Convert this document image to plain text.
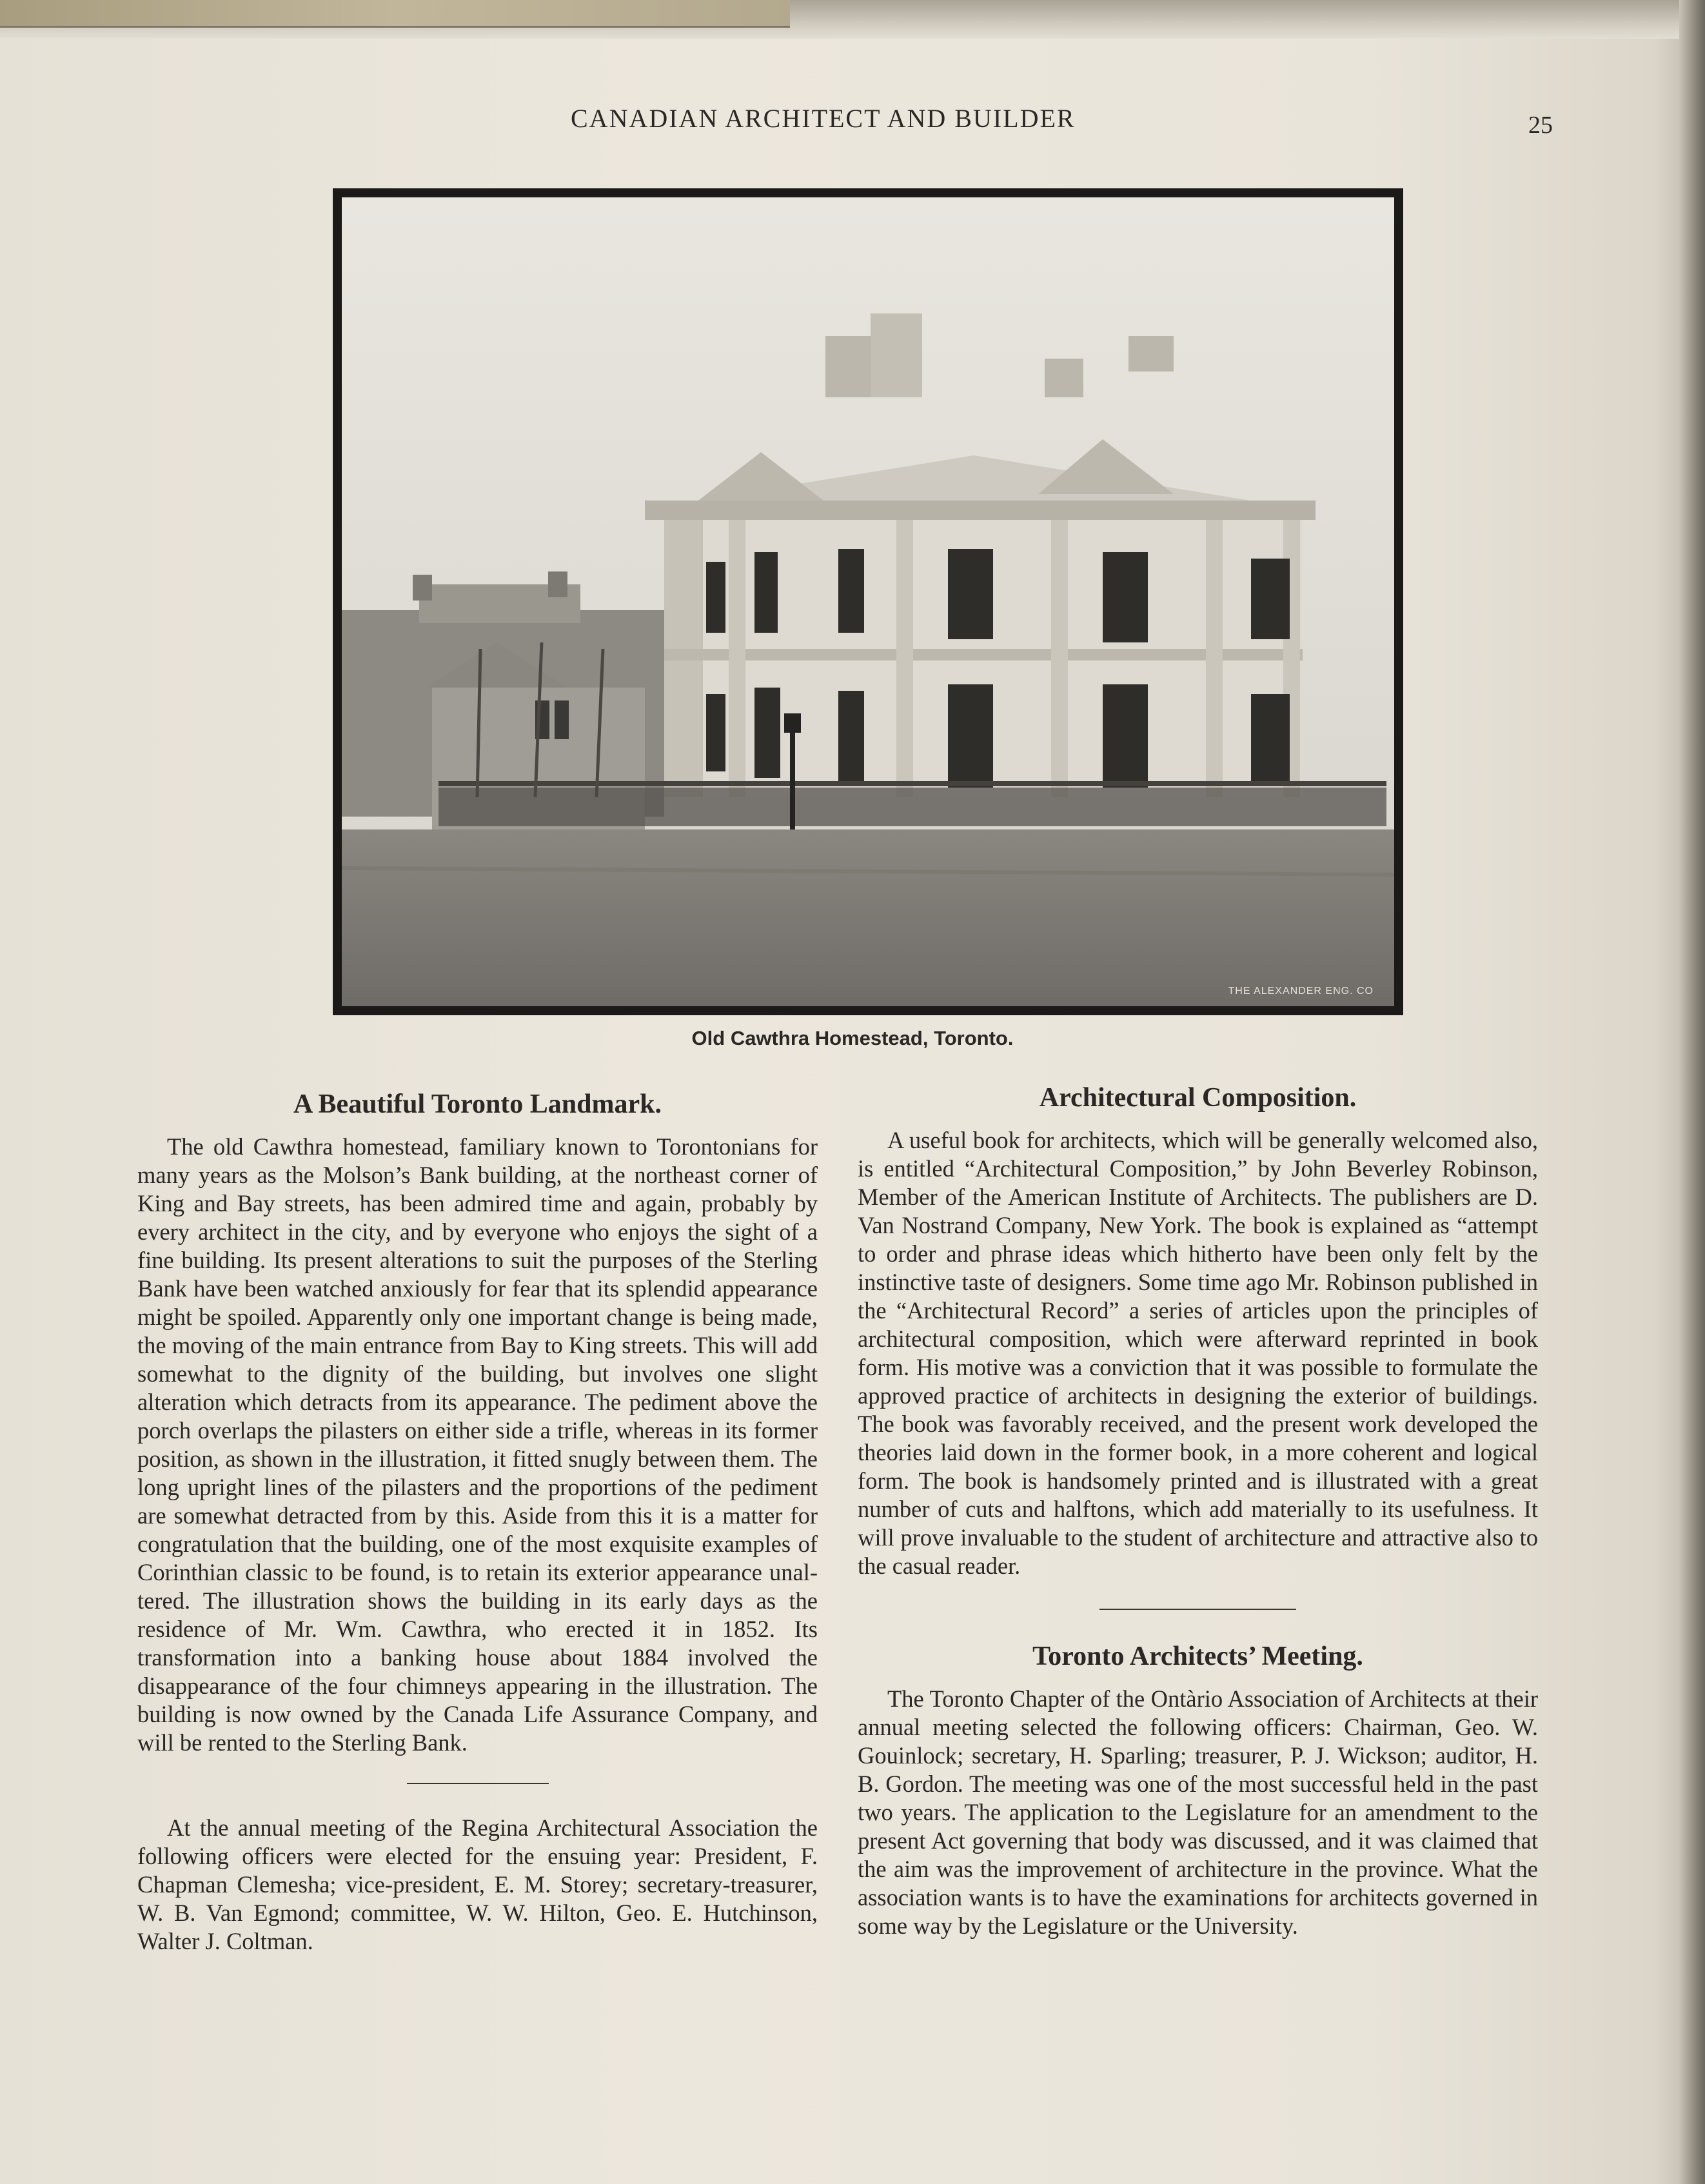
CANADIAN ARCHITECT AND BUILDER	25
THE ALEXANDER ENG. CO
Old Cawthra Homestead, Toronto.
A Beautiful Toronto Landmark.

The old Cawthra homestead, familiary known to Torontonians for many years as the Molson’s Bank building, at the northeast corner of King and Bay streets, has been admired time and again, probably by every architect in the city, and by everyone who enjoys the sight of a fine building. Its present alterations to suit the purposes of the Sterling Bank have been watched anxiously for fear that its splendid appearance might be spoiled. Apparently only one important change is being made, the moving of the main entrance from Bay to King streets. This will add somewhat to the dignity of the building, but involves one slight alteration which detracts from its appearance. The pediment above the porch overlaps the pilasters on either side a trifle, whereas in its former position, as shown in the illustration, it fitted snugly between them. The long upright lines of the pilasters and the proportions of the pediment are somewhat detracted from by this. Aside from this it is a matter for congratulation that the building, one of the most exquisite examples of Corinthian classic to be found, is to retain its exterior appearance unaltered. The illustration shows the building in its early days as the residence of Mr. Wm. Cawthra, who erected it in 1852. Its transformation into a banking house about 1884 involved the disappearance of the four chimneys appearing in the illustration. The building is now owned by the Canada Life Assurance Company, and will be rented to the Sterling Bank.

At the annual meeting of the Regina Architectural Association the following officers were elected for the ensuing year: President, F. Chapman Clemesha; vice-president, E. M. Storey; secretary-treasurer, W. B. Van Egmond; committee, W. W. Hilton, Geo. E. Hutchinson, Walter J. Coltman.

Architectural Composition.

A useful book for architects, which will be generally welcomed also, is entitled “Architectural Composition,” by John Beverley Robinson, Member of the American Institute of Architects. The publishers are D. Van Nostrand Company, New York. The book is explained as “attempt to order and phrase ideas which hitherto have been only felt by the instinctive taste of designers. Some time ago Mr. Robinson published in the “Architectural Record” a series of articles upon the principles of architectural composition, which were afterward reprinted in book form. His motive was a conviction that it was possible to formulate the approved practice of architects in designing the exterior of buildings. The book was favorably received, and the present work developed the theories laid down in the former book, in a more coherent and logical form. The book is handsomely printed and is illustrated with a great number of cuts and halftons, which add materially to its usefulness. It will prove invaluable to the student of architecture and attractive also to the casual reader.

Toronto Architects’ Meeting.

The Toronto Chapter of the Ontàrio Association of Architects at their annual meeting selected the following officers: Chairman, Geo. W. Gouinlock; secretary, H. Sparling; treasurer, P. J. Wickson; auditor, H. B. Gordon. The meeting was one of the most successful held in the past two years. The application to the Legislature for an amendment to the present Act governing that body was discussed, and it was claimed that the aim was the improvement of architecture in the province. What the association wants is to have the examinations for architects governed in some way by the Legislature or the University.
